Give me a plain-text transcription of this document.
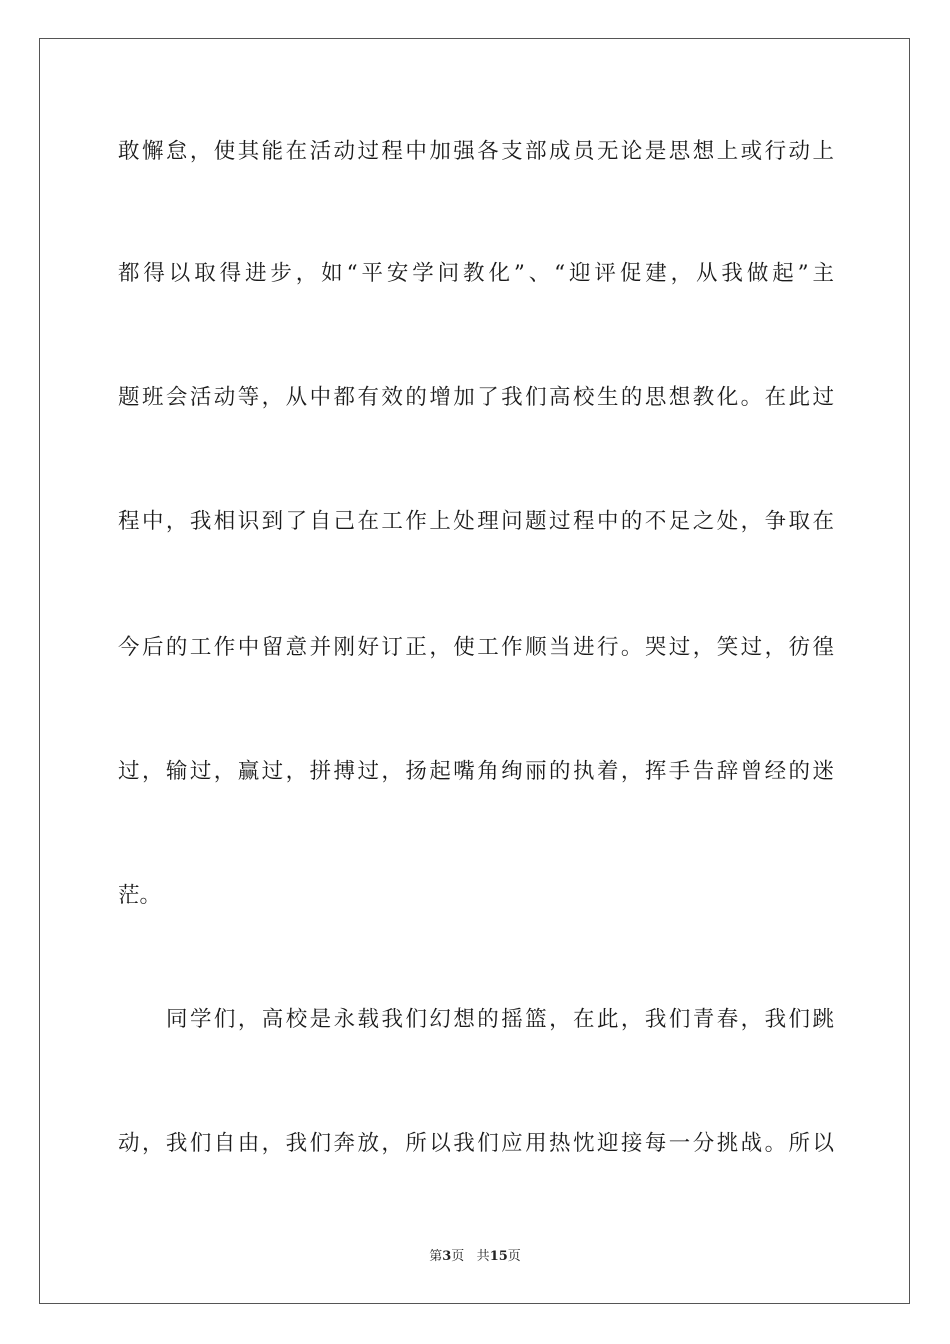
敢懈怠，使其能在活动过程中加强各支部成员无论是思想上或行动上
都得以取得进步，如“平安学问教化”、“迎评促建，从我做起”主
题班会活动等，从中都有效的增加了我们高校生的思想教化。在此过
程中，我相识到了自己在工作上处理问题过程中的不足之处，争取在
今后的工作中留意并刚好订正，使工作顺当进行。哭过，笑过，彷徨
过，输过，赢过，拼搏过，扬起嘴角绚丽的执着，挥手告辞曾经的迷
茫。
同学们，高校是永载我们幻想的摇篮，在此，我们青春，我们跳
动，我们自由，我们奔放，所以我们应用热忱迎接每一分挑战。所以
第3页 共15页
